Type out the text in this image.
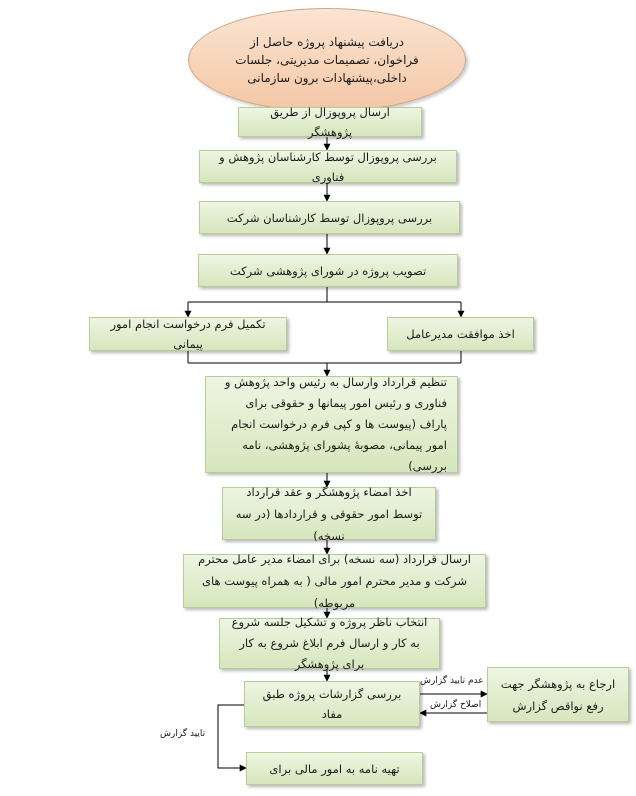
دریافت پیشنهاد پروژه حاصل از فراخوان، تصمیمات مدیریتی، جلسات داخلی،پیشنهادات برون سازمانی
ارسال پروپوزال از طریق پژوهشگر
بررسی پروپوزال توسط کارشناسان پژوهش و فناوری
بررسی پروپوزال توسط کارشناسان شرکت
تصویب پروژه در شورای پژوهشی شرکت
اخذ موافقت مدیرعامل
تکمیل فرم درخواست انجام امور پیمانی
تنظیم قرارداد وارسال به رئیس واحد پژوهش و فناوری و رئیس امور پیمانها و حقوقی برای پاراف (پیوست ها و کپی فرم درخواست انجام امور پیمانی، مصوبهٔ پشورای پژوهشی، نامه بررسی)
اخذ امضاء پژوهشگر و عقد قرارداد توسط امور حقوقی و قراردادها (در سه نسخه)
ارسال قرارداد (سه نسخه) برای امضاء مدیر عامل محترم شرکت و مدیر محترم امور مالی ( به همراه پیوست های مربوطه)
انتخاب ناظر پروژه و تشکیل جلسه شروع به کار و ارسال فرم ابلاغ شروع به کار برای پژوهشگر
بررسی گزارشات پروژه طبق مفاد
ارجاع به پژوهشگر جهت رفع نواقص گزارش
تهیه نامه به امور مالی برای
عدم تایید گزارش
اصلاح گزارش
تایید گزارش
